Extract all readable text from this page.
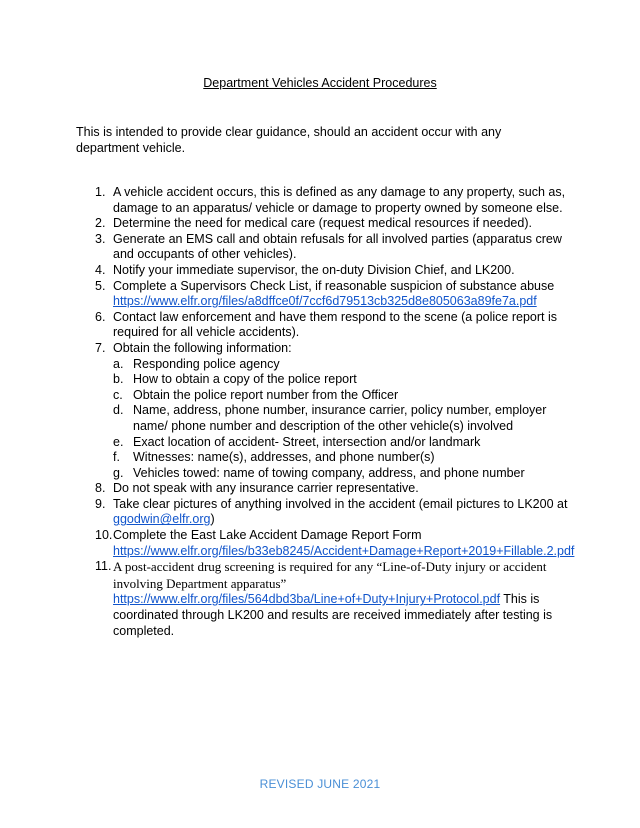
Department Vehicles Accident Procedures
This is intended to provide clear guidance, should an accident occur with any department vehicle.
1. A vehicle accident occurs, this is defined as any damage to any property, such as, damage to an apparatus/ vehicle or damage to property owned by someone else.
2. Determine the need for medical care (request medical resources if needed).
3. Generate an EMS call and obtain refusals for all involved parties (apparatus crew and occupants of other vehicles).
4. Notify your immediate supervisor, the on-duty Division Chief, and LK200.
5. Complete a Supervisors Check List, if reasonable suspicion of substance abuse
https://www.elfr.org/files/a8dffce0f/7ccf6d79513cb325d8e805063a89fe7a.pdf
6. Contact law enforcement and have them respond to the scene (a police report is required for all vehicle accidents).
7. Obtain the following information:
a. Responding police agency
b. How to obtain a copy of the police report
c. Obtain the police report number from the Officer
d. Name, address, phone number, insurance carrier, policy number, employer name/ phone number and description of the other vehicle(s) involved
e. Exact location of accident- Street, intersection and/or landmark
f. Witnesses: name(s), addresses, and phone number(s)
g. Vehicles towed: name of towing company, address, and phone number
8. Do not speak with any insurance carrier representative.
9. Take clear pictures of anything involved in the accident (email pictures to LK200 at
ggodwin@elfr.org)
10. Complete the East Lake Accident Damage Report Form
https://www.elfr.org/files/b33eb8245/Accident+Damage+Report+2019+Fillable.2.pdf
11. A post-accident drug screening is required for any “Line-of-Duty injury or accident involving Department apparatus”
https://www.elfr.org/files/564dbd3ba/Line+of+Duty+Injury+Protocol.pdf This is coordinated through LK200 and results are received immediately after testing is completed.
REVISED JUNE 2021
